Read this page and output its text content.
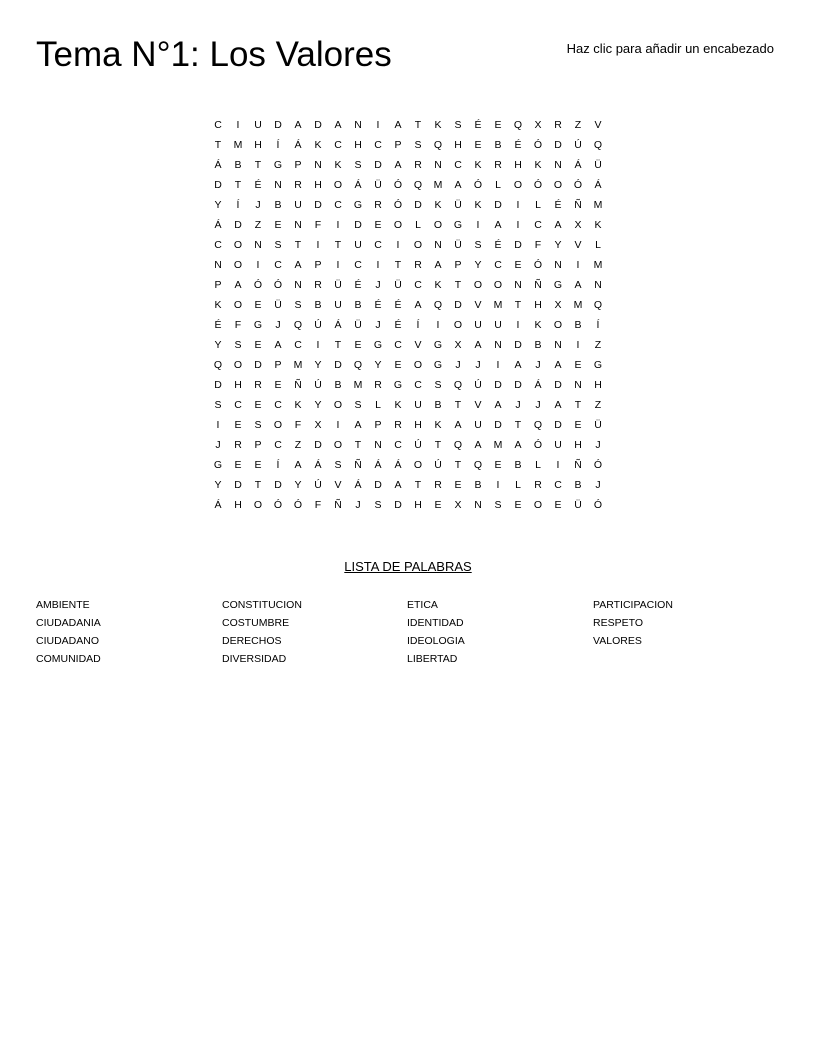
Tema N°1: Los Valores	Haz clic para añadir un encabezado
C	I	U	D	A	D	A	N	I	A	T	K	S	É	E	Q	X	R	Z	V
T	M	H	Í	Á	K	C	H	C	P	S	Q	H	E	B	É	Ó	D	Ú	Q
Á	B	T	G	P	N	K	S	D	A	R	N	C	K	R	H	K	N	Á	Ü
D	T	É	N	R	H	O	Á	Ü	Ó	Q	M	A	Ó	L	O	Ó	O	Ó	Á
Y	Í	J	B	U	D	C	G	R	Ó	D	K	Ü	K	D	I	L	É	Ñ	M
Á	D	Z	E	N	F	I	D	E	O	L	O	G	I	A	I	C	A	X	K
C	O	N	S	T	I	T	U	C	I	O	N	Ü	S	É	D	F	Y	V	L
N	O	I	C	A	P	I	C	I	T	R	A	P	Y	C	E	Ó	N	I	M
P	A	Ó	Ó	N	R	Ü	É	J	Ü	C	K	T	O	O	N	Ñ	G	A	N
K	O	E	Ü	S	B	U	B	É	É	A	Q	D	V	M	T	H	X	M	Q
É	F	G	J	Q	Ú	Á	Ü	J	É	Í	I	O	U	U	I	K	O	B	Í
Y	S	E	A	C	I	T	E	G	C	V	G	X	A	N	D	B	N	I	Z
Q	O	D	P	M	Y	D	Q	Y	E	O	G	J	J	I	A	J	A	E	G
D	H	R	E	Ñ	Ú	B	M	R	G	C	S	Q	Ú	D	D	Á	D	N	H
S	C	E	C	K	Y	O	S	L	K	U	B	T	V	A	J	J	A	T	Z
I	E	S	O	F	X	I	A	P	R	H	K	A	U	D	T	Q	D	E	Ü
J	R	P	C	Z	D	O	T	N	C	Ú	T	Q	A	M	A	Ó	U	H	J
G	E	E	Í	A	Á	S	Ñ	Á	Á	O	Ú	T	Q	E	B	L	I	Ñ	Ó
Y	D	T	D	Y	Ú	V	Á	D	A	T	R	E	B	I	L	R	C	B	J
Á	H	O	Ó	Ó	F	Ñ	J	S	D	H	E	X	N	S	E	O	E	Ü	Ó
LISTA DE PALABRAS
AMBIENTE
CIUDADANIA
CIUDADANO
COMUNIDAD
CONSTITUCION
COSTUMBRE
DERECHOS
DIVERSIDAD
ETICA
IDENTIDAD
IDEOLOGIA
LIBERTAD
PARTICIPACION
RESPETO
VALORES
